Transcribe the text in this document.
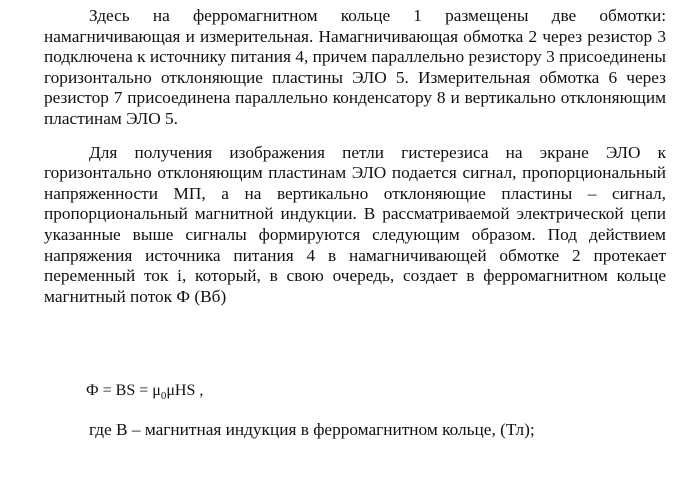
Здесь на ферромагнитном кольце 1 размещены две обмотки: намагничивающая и измерительная. Намагничивающая обмотка 2 через резистор 3 подключена к источнику питания 4, причем параллельно резистору 3 присоединены горизонтально отклоняющие пластины ЭЛО 5. Измерительная обмотка 6 через резистор 7 присоединена параллельно конденсатору 8 и вертикально отклоняющим пластинам ЭЛО 5.

Для получения изображения петли гистерезиса на экране ЭЛО к горизонтально отклоняющим пластинам ЭЛО подается сигнал, пропорциональный напряженности МП, а на вертикально отклоняющие пластины – сигнал, пропорциональный магнитной индукции. В рассматриваемой электрической цепи указанные выше сигналы формируются следующим образом. Под действием напряжения источника питания 4 в намагничивающей обмотке 2 протекает переменный ток i, который, в свою очередь, создает в ферромагнитном кольце магнитный поток Ф (Вб)

Ф = BS = $\mu_0\mu HS$ ,
где B – магнитная индукция в ферромагнитном кольце, (Тл);
